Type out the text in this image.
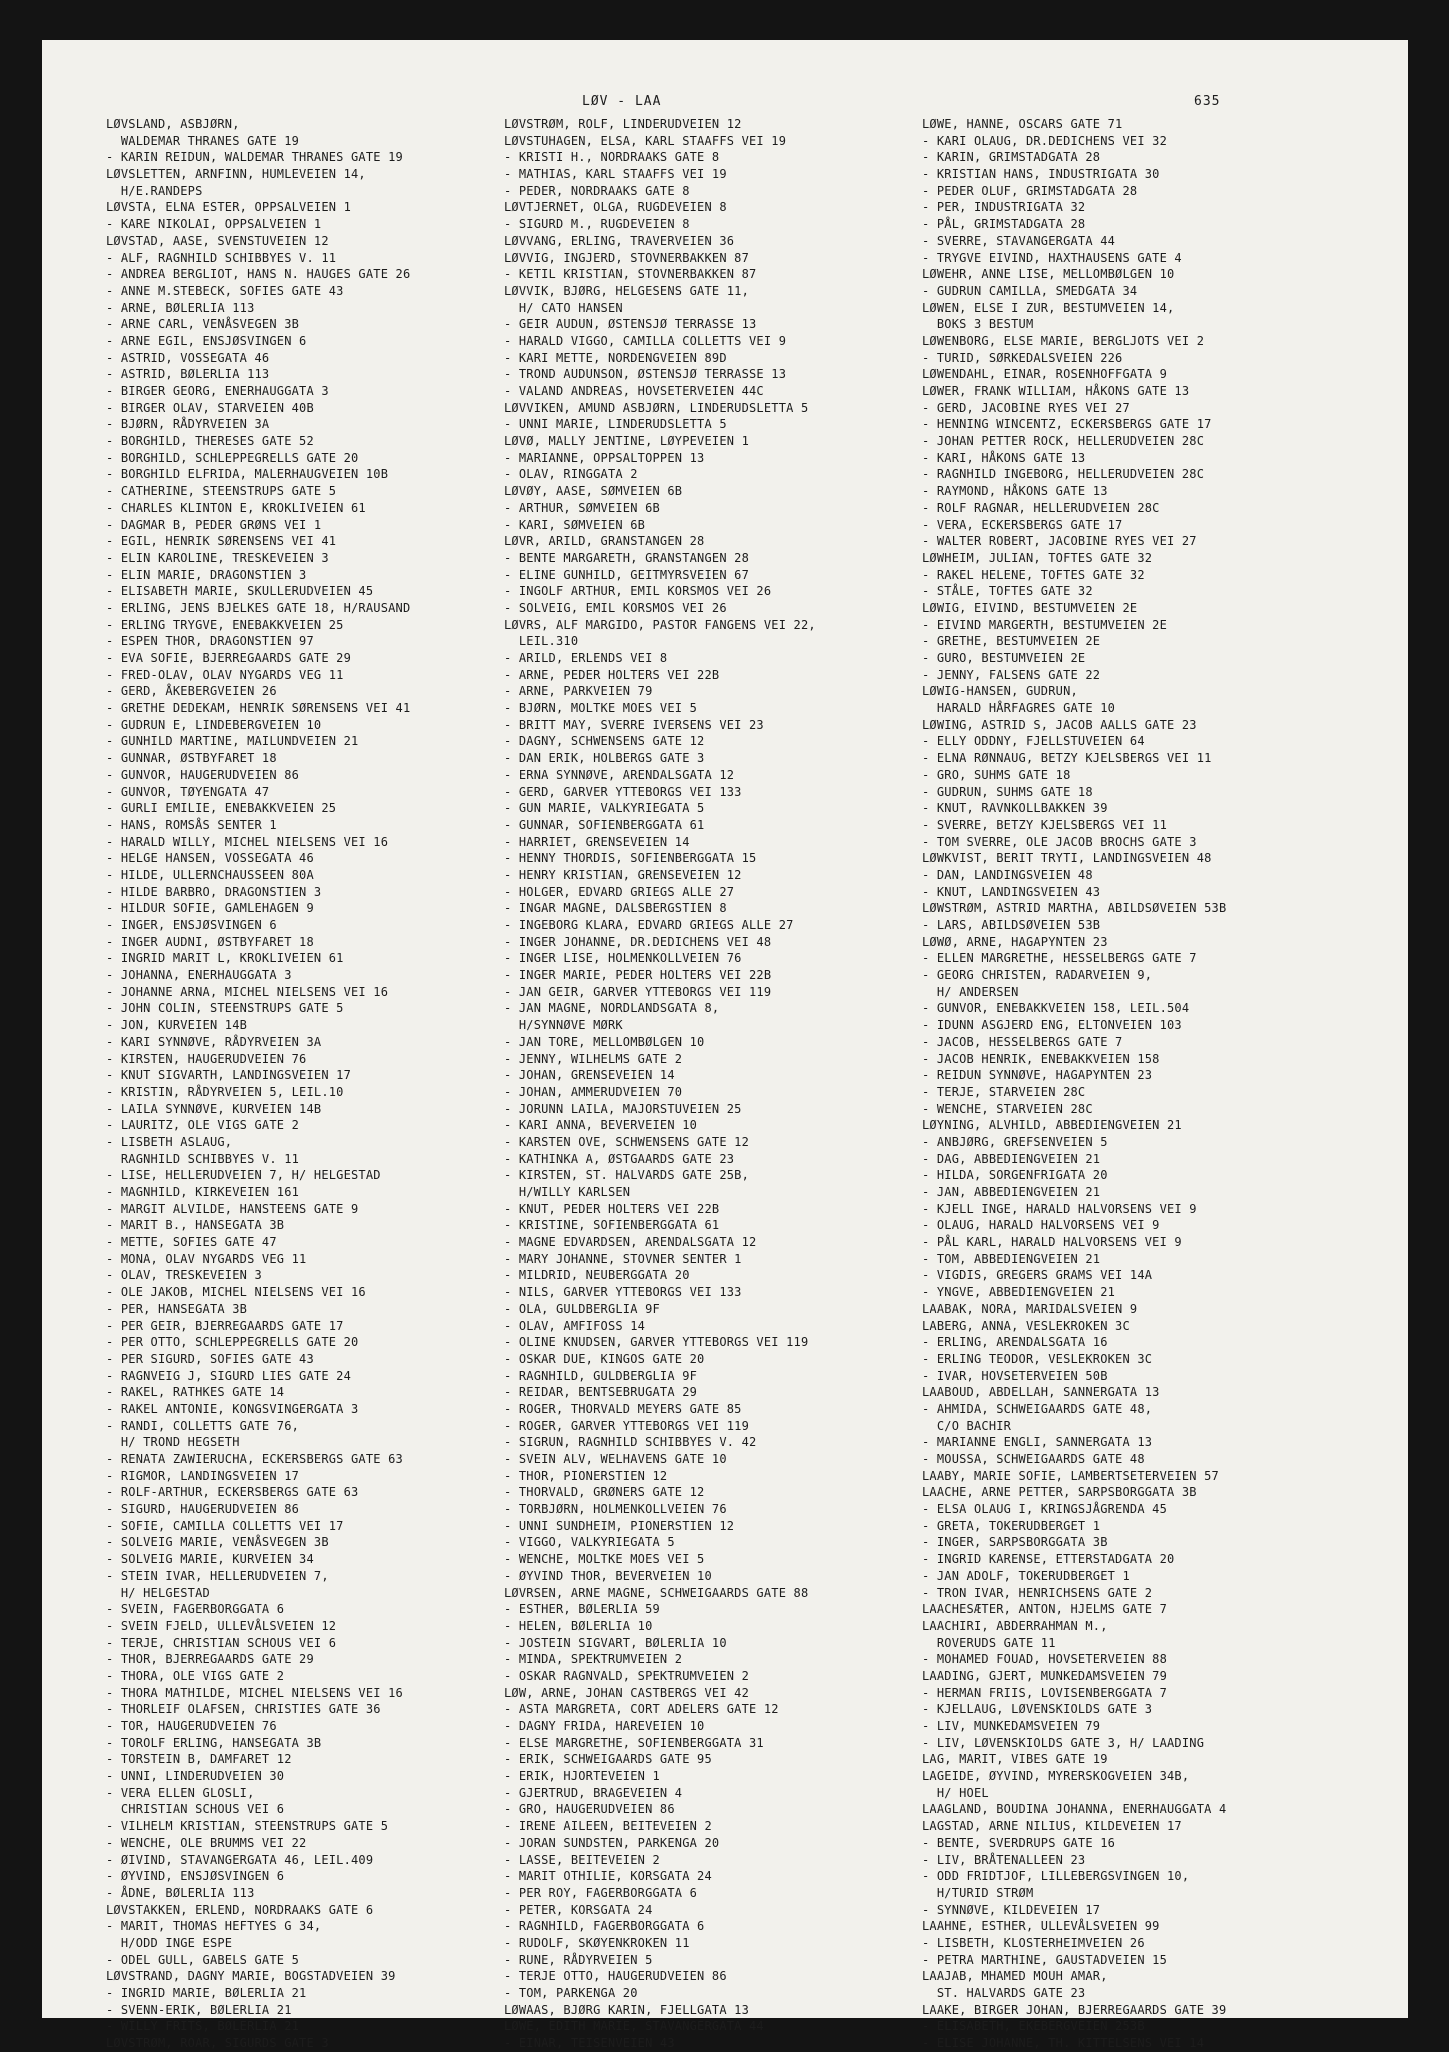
LØV - LAA	635
LØVSLAND, ASBJØRN,
WALDEMAR THRANES GATE 19
- KARIN REIDUN, WALDEMAR THRANES GATE 19
LØVSLETTEN, ARNFINN, HUMLEVEIEN 14,
H/E.RANDEPS
LØVSTA, ELNA ESTER, OPPSALVEIEN 1
- KARE NIKOLAI, OPPSALVEIEN 1
LØVSTAD, AASE, SVENSTUVEIEN 12
- ALF, RAGNHILD SCHIBBYES V. 11
- ANDREA BERGLIOT, HANS N. HAUGES GATE 26
- ANNE M.STEBECK, SOFIES GATE 43
- ARNE, BØLERLIA 113
- ARNE CARL, VENÅSVEGEN 3B
- ARNE EGIL, ENSJØSVINGEN 6
- ASTRID, VOSSEGATA 46
- ASTRID, BØLERLIA 113
- BIRGER GEORG, ENERHAUGGATA 3
- BIRGER OLAV, STARVEIEN 40B
- BJØRN, RÅDYRVEIEN 3A
- BORGHILD, THERESES GATE 52
- BORGHILD, SCHLEPPEGRELLS GATE 20
- BORGHILD ELFRIDA, MALERHAUGVEIEN 10B
- CATHERINE, STEENSTRUPS GATE 5
- CHARLES KLINTON E, KROKLIVEIEN 61
- DAGMAR B, PEDER GRØNS VEI 1
- EGIL, HENRIK SØRENSENS VEI 41
- ELIN KAROLINE, TRESKEVEIEN 3
- ELIN MARIE, DRAGONSTIEN 3
- ELISABETH MARIE, SKULLERUDVEIEN 45
- ERLING, JENS BJELKES GATE 18, H/RAUSAND
- ERLING TRYGVE, ENEBAKKVEIEN 25
- ESPEN THOR, DRAGONSTIEN 97
- EVA SOFIE, BJERREGAARDS GATE 29
- FRED-OLAV, OLAV NYGARDS VEG 11
- GERD, ÅKEBERGVEIEN 26
- GRETHE DEDEKAM, HENRIK SØRENSENS VEI 41
- GUDRUN E, LINDEBERGVEIEN 10
- GUNHILD MARTINE, MAILUNDVEIEN 21
- GUNNAR, ØSTBYFARET 18
- GUNVOR, HAUGERUDVEIEN 86
- GUNVOR, TØYENGATA 47
- GURLI EMILIE, ENEBAKKVEIEN 25
- HANS, ROMSÅS SENTER 1
- HARALD WILLY, MICHEL NIELSENS VEI 16
- HELGE HANSEN, VOSSEGATA 46
- HILDE, ULLERNCHAUSSEEN 80A
- HILDE BARBRO, DRAGONSTIEN 3
- HILDUR SOFIE, GAMLEHAGEN 9
- INGER, ENSJØSVINGEN 6
- INGER AUDNI, ØSTBYFARET 18
- INGRID MARIT L, KROKLIVEIEN 61
- JOHANNA, ENERHAUGGATA 3
- JOHANNE ARNA, MICHEL NIELSENS VEI 16
- JOHN COLIN, STEENSTRUPS GATE 5
- JON, KURVEIEN 14B
- KARI SYNNØVE, RÅDYRVEIEN 3A
- KIRSTEN, HAUGERUDVEIEN 76
- KNUT SIGVARTH, LANDINGSVEIEN 17
- KRISTIN, RÅDYRVEIEN 5, LEIL.10
- LAILA SYNNØVE, KURVEIEN 14B
- LAURITZ, OLE VIGS GATE 2
- LISBETH ASLAUG,
RAGNHILD SCHIBBYES V. 11
- LISE, HELLERUDVEIEN 7, H/ HELGESTAD
- MAGNHILD, KIRKEVEIEN 161
- MARGIT ALVILDE, HANSTEENS GATE 9
- MARIT B., HANSEGATA 3B
- METTE, SOFIES GATE 47
- MONA, OLAV NYGARDS VEG 11
- OLAV, TRESKEVEIEN 3
- OLE JAKOB, MICHEL NIELSENS VEI 16
- PER, HANSEGATA 3B
- PER GEIR, BJERREGAARDS GATE 17
- PER OTTO, SCHLEPPEGRELLS GATE 20
- PER SIGURD, SOFIES GATE 43
- RAGNVEIG J, SIGURD LIES GATE 24
- RAKEL, RATHKES GATE 14
- RAKEL ANTONIE, KONGSVINGERGATA 3
- RANDI, COLLETTS GATE 76,
H/ TROND HEGSETH
- RENATA ZAWIERUCHA, ECKERSBERGS GATE 63
- RIGMOR, LANDINGSVEIEN 17
- ROLF-ARTHUR, ECKERSBERGS GATE 63
- SIGURD, HAUGERUDVEIEN 86
- SOFIE, CAMILLA COLLETTS VEI 17
- SOLVEIG MARIE, VENÅSVEGEN 3B
- SOLVEIG MARIE, KURVEIEN 34
- STEIN IVAR, HELLERUDVEIEN 7,
H/ HELGESTAD
- SVEIN, FAGERBORGGATA 6
- SVEIN FJELD, ULLEVÅLSVEIEN 12
- TERJE, CHRISTIAN SCHOUS VEI 6
- THOR, BJERREGAARDS GATE 29
- THORA, OLE VIGS GATE 2
- THORA MATHILDE, MICHEL NIELSENS VEI 16
- THORLEIF OLAFSEN, CHRISTIES GATE 36
- TOR, HAUGERUDVEIEN 76
- TOROLF ERLING, HANSEGATA 3B
- TORSTEIN B, DAMFARET 12
- UNNI, LINDERUDVEIEN 30
- VERA ELLEN GLOSLI,
CHRISTIAN SCHOUS VEI 6
- VILHELM KRISTIAN, STEENSTRUPS GATE 5
- WENCHE, OLE BRUMMS VEI 22
- ØIVIND, STAVANGERGATA 46, LEIL.409
- ØYVIND, ENSJØSVINGEN 6
- ÅDNE, BØLERLIA 113
LØVSTAKKEN, ERLEND, NORDRAAKS GATE 6
- MARIT, THOMAS HEFTYES G 34,
H/ODD INGE ESPE
- ODEL GULL, GABELS GATE 5
LØVSTRAND, DAGNY MARIE, BOGSTADVEIEN 39
- INGRID MARIE, BØLERLIA 21
- SVENN-ERIK, BØLERLIA 21
- WILLY FRITS, BØLERLIA 21
LØVSTRØM, ROAR, SIGURDS GATE 3
LØVSTRØM, ROLF, LINDERUDVEIEN 12
LØVSTUHAGEN, ELSA, KARL STAAFFS VEI 19
- KRISTI H., NORDRAAKS GATE 8
- MATHIAS, KARL STAAFFS VEI 19
- PEDER, NORDRAAKS GATE 8
LØVTJERNET, OLGA, RUGDEVEIEN 8
- SIGURD M., RUGDEVEIEN 8
LØVVANG, ERLING, TRAVERVEIEN 36
LØVVIG, INGJERD, STOVNERBAKKEN 87
- KETIL KRISTIAN, STOVNERBAKKEN 87
LØVVIK, BJØRG, HELGESENS GATE 11,
H/ CATO HANSEN
- GEIR AUDUN, ØSTENSJØ TERRASSE 13
- HARALD VIGGO, CAMILLA COLLETTS VEI 9
- KARI METTE, NORDENGVEIEN 89D
- TROND AUDUNSON, ØSTENSJØ TERRASSE 13
- VALAND ANDREAS, HOVSETERVEIEN 44C
LØVVIKEN, AMUND ASBJØRN, LINDERUDSLETTA 5
- UNNI MARIE, LINDERUDSLETTA 5
LØVØ, MALLY JENTINE, LØYPEVEIEN 1
- MARIANNE, OPPSALTOPPEN 13
- OLAV, RINGGATA 2
LØVØY, AASE, SØMVEIEN 6B
- ARTHUR, SØMVEIEN 6B
- KARI, SØMVEIEN 6B
LØVR, ARILD, GRANSTANGEN 28
- BENTE MARGARETH, GRANSTANGEN 28
- ELINE GUNHILD, GEITMYRSVEIEN 67
- INGOLF ARTHUR, EMIL KORSMOS VEI 26
- SOLVEIG, EMIL KORSMOS VEI 26
LØVRS, ALF MARGIDO, PASTOR FANGENS VEI 22,
LEIL.310
- ARILD, ERLENDS VEI 8
- ARNE, PEDER HOLTERS VEI 22B
- ARNE, PARKVEIEN 79
- BJØRN, MOLTKE MOES VEI 5
- BRITT MAY, SVERRE IVERSENS VEI 23
- DAGNY, SCHWENSENS GATE 12
- DAN ERIK, HOLBERGS GATE 3
- ERNA SYNNØVE, ARENDALSGATA 12
- GERD, GARVER YTTEBORGS VEI 133
- GUN MARIE, VALKYRIEGATA 5
- GUNNAR, SOFIENBERGGATA 61
- HARRIET, GRENSEVEIEN 14
- HENNY THORDIS, SOFIENBERGGATA 15
- HENRY KRISTIAN, GRENSEVEIEN 12
- HOLGER, EDVARD GRIEGS ALLE 27
- INGAR MAGNE, DALSBERGSTIEN 8
- INGEBORG KLARA, EDVARD GRIEGS ALLE 27
- INGER JOHANNE, DR.DEDICHENS VEI 48
- INGER LISE, HOLMENKOLLVEIEN 76
- INGER MARIE, PEDER HOLTERS VEI 22B
- JAN GEIR, GARVER YTTEBORGS VEI 119
- JAN MAGNE, NORDLANDSGATA 8,
H/SYNNØVE MØRK
- JAN TORE, MELLOMBØLGEN 10
- JENNY, WILHELMS GATE 2
- JOHAN, GRENSEVEIEN 14
- JOHAN, AMMERUDVEIEN 70
- JORUNN LAILA, MAJORSTUVEIEN 25
- KARI ANNA, BEVERVEIEN 10
- KARSTEN OVE, SCHWENSENS GATE 12
- KATHINKA A, ØSTGAARDS GATE 23
- KIRSTEN, ST. HALVARDS GATE 25B,
H/WILLY KARLSEN
- KNUT, PEDER HOLTERS VEI 22B
- KRISTINE, SOFIENBERGGATA 61
- MAGNE EDVARDSEN, ARENDALSGATA 12
- MARY JOHANNE, STOVNER SENTER 1
- MILDRID, NEUBERGGATA 20
- NILS, GARVER YTTEBORGS VEI 133
- OLA, GULDBERGLIA 9F
- OLAV, AMFIFOSS 14
- OLINE KNUDSEN, GARVER YTTEBORGS VEI 119
- OSKAR DUE, KINGOS GATE 20
- RAGNHILD, GULDBERGLIA 9F
- REIDAR, BENTSEBRUGATA 29
- ROGER, THORVALD MEYERS GATE 85
- ROGER, GARVER YTTEBORGS VEI 119
- SIGRUN, RAGNHILD SCHIBBYES V. 42
- SVEIN ALV, WELHAVENS GATE 10
- THOR, PIONERSTIEN 12
- THORVALD, GRØNERS GATE 12
- TORBJØRN, HOLMENKOLLVEIEN 76
- UNNI SUNDHEIM, PIONERSTIEN 12
- VIGGO, VALKYRIEGATA 5
- WENCHE, MOLTKE MOES VEI 5
- ØYVIND THOR, BEVERVEIEN 10
LØVRSEN, ARNE MAGNE, SCHWEIGAARDS GATE 88
- ESTHER, BØLERLIA 59
- HELEN, BØLERLIA 10
- JOSTEIN SIGVART, BØLERLIA 10
- MINDA, SPEKTRUMVEIEN 2
- OSKAR RAGNVALD, SPEKTRUMVEIEN 2
LØW, ARNE, JOHAN CASTBERGS VEI 42
- ASTA MARGRETA, CORT ADELERS GATE 12
- DAGNY FRIDA, HAREVEIEN 10
- ELSE MARGRETHE, SOFIENBERGGATA 31
- ERIK, SCHWEIGAARDS GATE 95
- ERIK, HJORTEVEIEN 1
- GJERTRUD, BRAGEVEIEN 4
- GRO, HAUGERUDVEIEN 86
- IRENE AILEEN, BEITEVEIEN 2
- JORAN SUNDSTEN, PARKENGA 20
- LASSE, BEITEVEIEN 2
- MARIT OTHILIE, KORSGATA 24
- PER ROY, FAGERBORGGATA 6
- PETER, KORSGATA 24
- RAGNHILD, FAGERBORGGATA 6
- RUDOLF, SKØYENKROKEN 11
- RUNE, RÅDYRVEIEN 5
- TERJE OTTO, HAUGERUDVEIEN 86
- TOM, PARKENGA 20
LØWAAS, BJØRG KARIN, FJELLGATA 13
LØWE, EDITH MARIE, STAVANGERGATA 44
- EINAR, TEISENVEIEN 43
LØWE, HANNE, OSCARS GATE 71
- KARI OLAUG, DR.DEDICHENS VEI 32
- KARIN, GRIMSTADGATA 28
- KRISTIAN HANS, INDUSTRIGATA 30
- PEDER OLUF, GRIMSTADGATA 28
- PER, INDUSTRIGATA 32
- PÅL, GRIMSTADGATA 28
- SVERRE, STAVANGERGATA 44
- TRYGVE EIVIND, HAXTHAUSENS GATE 4
LØWEHR, ANNE LISE, MELLOMBØLGEN 10
- GUDRUN CAMILLA, SMEDGATA 34
LØWEN, ELSE I ZUR, BESTUMVEIEN 14,
BOKS 3 BESTUM
LØWENBORG, ELSE MARIE, BERGLJOTS VEI 2
- TURID, SØRKEDALSVEIEN 226
LØWENDAHL, EINAR, ROSENHOFFGATA 9
LØWER, FRANK WILLIAM, HÅKONS GATE 13
- GERD, JACOBINE RYES VEI 27
- HENNING WINCENTZ, ECKERSBERGS GATE 17
- JOHAN PETTER ROCK, HELLERUDVEIEN 28C
- KARI, HÅKONS GATE 13
- RAGNHILD INGEBORG, HELLERUDVEIEN 28C
- RAYMOND, HÅKONS GATE 13
- ROLF RAGNAR, HELLERUDVEIEN 28C
- VERA, ECKERSBERGS GATE 17
- WALTER ROBERT, JACOBINE RYES VEI 27
LØWHEIM, JULIAN, TOFTES GATE 32
- RAKEL HELENE, TOFTES GATE 32
- STÅLE, TOFTES GATE 32
LØWIG, EIVIND, BESTUMVEIEN 2E
- EIVIND MARGERTH, BESTUMVEIEN 2E
- GRETHE, BESTUMVEIEN 2E
- GURO, BESTUMVEIEN 2E
- JENNY, FALSENS GATE 22
LØWIG-HANSEN, GUDRUN,
HARALD HÅRFAGRES GATE 10
LØWING, ASTRID S, JACOB AALLS GATE 23
- ELLY ODDNY, FJELLSTUVEIEN 64
- ELNA RØNNAUG, BETZY KJELSBERGS VEI 11
- GRO, SUHMS GATE 18
- GUDRUN, SUHMS GATE 18
- KNUT, RAVNKOLLBAKKEN 39
- SVERRE, BETZY KJELSBERGS VEI 11
- TOM SVERRE, OLE JACOB BROCHS GATE 3
LØWKVIST, BERIT TRYTI, LANDINGSVEIEN 48
- DAN, LANDINGSVEIEN 48
- KNUT, LANDINGSVEIEN 43
LØWSTRØM, ASTRID MARTHA, ABILDSØVEIEN 53B
- LARS, ABILDSØVEIEN 53B
LØWØ, ARNE, HAGAPYNTEN 23
- ELLEN MARGRETHE, HESSELBERGS GATE 7
- GEORG CHRISTEN, RADARVEIEN 9,
H/ ANDERSEN
- GUNVOR, ENEBAKKVEIEN 158, LEIL.504
- IDUNN ASGJERD ENG, ELTONVEIEN 103
- JACOB, HESSELBERGS GATE 7
- JACOB HENRIK, ENEBAKKVEIEN 158
- REIDUN SYNNØVE, HAGAPYNTEN 23
- TERJE, STARVEIEN 28C
- WENCHE, STARVEIEN 28C
LØYNING, ALVHILD, ABBEDIENGVEIEN 21
- ANBJØRG, GREFSENVEIEN 5
- DAG, ABBEDIENGVEIEN 21
- HILDA, SORGENFRIGATA 20
- JAN, ABBEDIENGVEIEN 21
- KJELL INGE, HARALD HALVORSENS VEI 9
- OLAUG, HARALD HALVORSENS VEI 9
- PÅL KARL, HARALD HALVORSENS VEI 9
- TOM, ABBEDIENGVEIEN 21
- VIGDIS, GREGERS GRAMS VEI 14A
- YNGVE, ABBEDIENGVEIEN 21
LAABAK, NORA, MARIDALSVEIEN 9
LABERG, ANNA, VESLEKROKEN 3C
- ERLING, ARENDALSGATA 16
- ERLING TEODOR, VESLEKROKEN 3C
- IVAR, HOVSETERVEIEN 50B
LAABOUD, ABDELLAH, SANNERGATA 13
- AHMIDA, SCHWEIGAARDS GATE 48,
C/O BACHIR
- MARIANNE ENGLI, SANNERGATA 13
- MOUSSA, SCHWEIGAARDS GATE 48
LAABY, MARIE SOFIE, LAMBERTSETERVEIEN 57
LAACHE, ARNE PETTER, SARPSBORGGATA 3B
- ELSA OLAUG I, KRINGSJÅGRENDA 45
- GRETA, TOKERUDBERGET 1
- INGER, SARPSBORGGATA 3B
- INGRID KARENSE, ETTERSTADGATA 20
- JAN ADOLF, TOKERUDBERGET 1
- TRON IVAR, HENRICHSENS GATE 2
LAACHESÆTER, ANTON, HJELMS GATE 7
LAACHIRI, ABDERRAHMAN M.,
ROVERUDS GATE 11
- MOHAMED FOUAD, HOVSETERVEIEN 88
LAADING, GJERT, MUNKEDAMSVEIEN 79
- HERMAN FRIIS, LOVISENBERGGATA 7
- KJELLAUG, LØVENSKIOLDS GATE 3
- LIV, MUNKEDAMSVEIEN 79
- LIV, LØVENSKIOLDS GATE 3, H/ LAADING
LAG, MARIT, VIBES GATE 19
LAGEIDE, ØYVIND, MYRERSKOGVEIEN 34B,
H/ HOEL
LAAGLAND, BOUDINA JOHANNA, ENERHAUGGATA 4
LAGSTAD, ARNE NILIUS, KILDEVEIEN 17
- BENTE, SVERDRUPS GATE 16
- LIV, BRÅTENALLEEN 23
- ODD FRIDTJOF, LILLEBERGSVINGEN 10,
H/TURID STRØM
- SYNNØVE, KILDEVEIEN 17
LAAHNE, ESTHER, ULLEVÅLSVEIEN 99
- LISBETH, KLOSTERHEIMVEIEN 26
- PETRA MARTHINE, GAUSTADVEIEN 15
LAAJAB, MHAMED MOUH AMAR,
ST. HALVARDS GATE 23
LAAKE, BIRGER JOHAN, BJERREGAARDS GATE 39
- ELISABETH, EKEBERGVEIEN 253B
- ELISE JOHANNE, TH. KITTELSENS VEI 14
